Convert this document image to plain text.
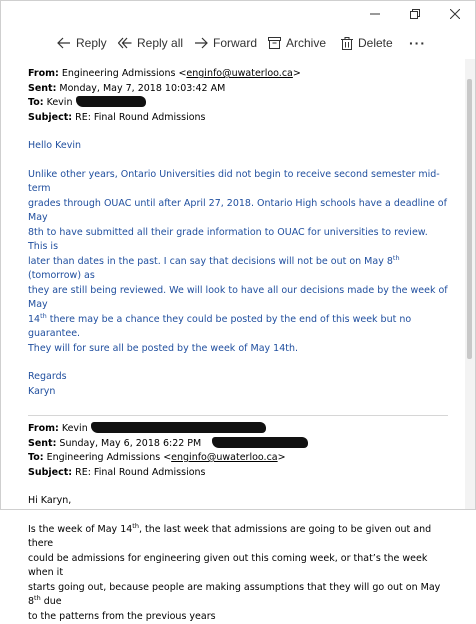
Reply	Reply all Forward Archive	Delete ···
From: Engineering Admissions <enginfo@uwaterloo.ca>
Sent: Monday, May 7, 2018 10:03:42 AM
To: Kevin
Subject: RE: Final Round Admissions

Hello Kevin

Unlike other years, Ontario Universities did not begin to receive second semester mid-term
grades through OUAC until after April 27, 2018. Ontario High schools have a deadline of May
8th to have submitted all their grade information to OUAC for universities to review. This is
later than dates in the past. I can say that decisions will not be out on May 8th (tomorrow) as
they are still being reviewed. We will look to have all our decisions made by the week of May
14th there may be a chance they could be posted by the end of this week but no guarantee.
They will for sure all be posted by the week of May 14th.
Regards
Karyn
From: Kevin
Sent: Sunday, May 6, 2018 6:22 PM
To: Engineering Admissions <enginfo@uwaterloo.ca>
Subject: RE: Final Round Admissions

Hi Karyn,

Is the week of May 14th, the last week that admissions are going to be given out and there
could be admissions for engineering given out this coming week, or that’s the week when it
starts going out, because people are making assumptions that they will go out on May 8th due
to the patterns from the previous years
